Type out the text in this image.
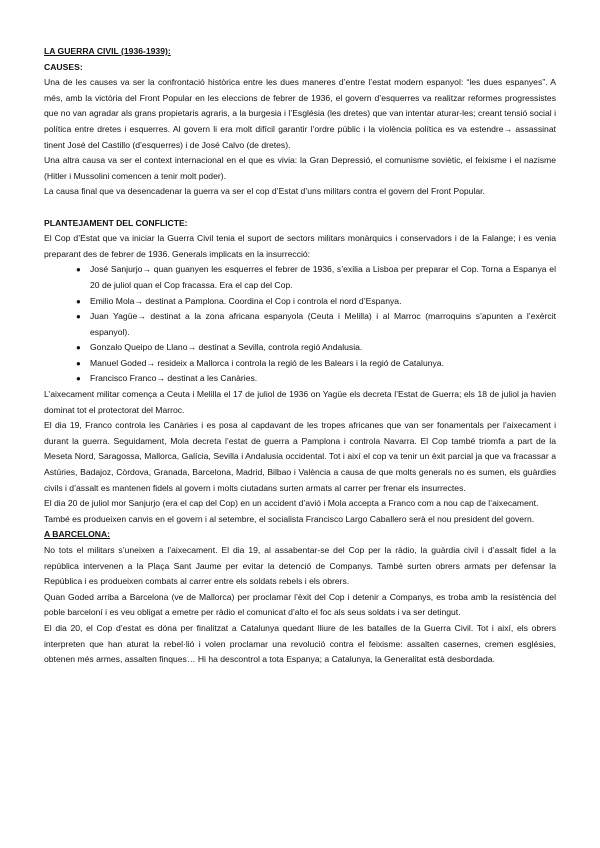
LA GUERRA CIVIL (1936-1939):
CAUSES:

Una de les causes va ser la confrontació històrica entre les dues maneres d’entre l’estat modern espanyol: “les dues espanyes”. A més, amb la victòria del Front Popular en les eleccions de febrer de 1936, el govern d’esquerres va realitzar reformes progressistes que no van agradar als grans propietaris agraris, a la burgesia i l’Església (les dretes) que van intentar aturar-les; creant tensió social i política entre dretes i esquerres. Al govern li era molt difícil garantir l’ordre públic i la violència política es va estendre→ assassinat tinent José del Castillo (d’esquerres) i de José Calvo (de dretes).

Una altra causa va ser el context internacional en el que es vivia: la Gran Depressió, el comunisme soviètic, el feixisme i el nazisme (Hitler i Mussolini comencen a tenir molt poder).

La causa final que va desencadenar la guerra va ser el cop d’Estat d’uns militars contra el govern del Front Popular.

PLANTEJAMENT DEL CONFLICTE:

El Cop d’Estat que va iniciar la Guerra Civil tenia el suport de sectors militars monàrquics i conservadors i de la Falange; i es venia preparant des de febrer de 1936. Generals implicats en la insurrecció:

● José Sanjurjo→ quan guanyen les esquerres el febrer de 1936, s’exilia a Lisboa per preparar el Cop. Torna a Espanya el 20 de juliol quan el Cop fracassa. Era el cap del Cop.
● Emilio Mola→ destinat a Pamplona. Coordina el Cop i controla el nord d’Espanya.
● Juan Yagüe→ destinat a la zona africana espanyola (Ceuta i Melilla) i al Marroc (marroquins s’apunten a l’exèrcit espanyol).
● Gonzalo Queipo de Llano→ destinat a Sevilla, controla regió Andalusia.
● Manuel Goded→ resideix a Mallorca i controla la regió de les Balears i la regió de Catalunya.
● Francisco Franco→ destinat a les Canàries.

L’aixecament militar comença a Ceuta i Melilla el 17 de juliol de 1936 on Yagüe els decreta l’Estat de Guerra; els 18 de juliol ja havien dominat tot el protectorat del Marroc.

El dia 19, Franco controla les Canàries i es posa al capdavant de les tropes africanes que van ser fonamentals per l’aixecament i durant la guerra. Seguidament, Mola decreta l’estat de guerra a Pamplona i controla Navarra. El Cop també triomfa a part de la Meseta Nord, Saragossa, Mallorca, Galícia, Sevilla i Andalusia occidental. Tot i així el cop va tenir un èxit parcial ja que va fracassar a Astúries, Badajoz, Còrdova, Granada, Barcelona, Madrid, Bilbao i València a causa de que molts generals no es sumen, els guàrdies civils i d’assalt es mantenen fidels al govern i molts ciutadans surten armats al carrer per frenar els insurrectes.

El dia 20 de juliol mor Sanjurjo (era el cap del Cop) en un accident d’avió i Mola accepta a Franco com a nou cap de l’aixecament.

També es produeixen canvis en el govern i al setembre, el socialista Francisco Largo Caballero serà el nou president del govern.

A BARCELONA:

No tots el militars s’uneixen a l’aixecament. El dia 19, al assabentar-se del Cop per la ràdio, la guàrdia civil i d’assalt fidel a la república intervenen a la Plaça Sant Jaume per evitar la detenció de Companys. També surten obrers armats per defensar la República i es produeixen combats al carrer entre els soldats rebels i els obrers.

Quan Goded arriba a Barcelona (ve de Mallorca) per proclamar l’èxit del Cop i detenir a Companys, es troba amb la resistència del poble barceloní i es veu obligat a emetre per ràdio el comunicat d’alto el foc als seus soldats i va ser detingut.

El dia 20, el Cop d’estat es dóna per finalitzat a Catalunya quedant lliure de les batalles de la Guerra Civil. Tot i així, els obrers interpreten que han aturat la rebel·lió i volen proclamar una revolució contra el feixisme: assalten casernes, cremen esglésies, obtenen més armes, assalten finques… Hi ha descontrol a tota Espanya; a Catalunya, la Generalitat està desbordada.
